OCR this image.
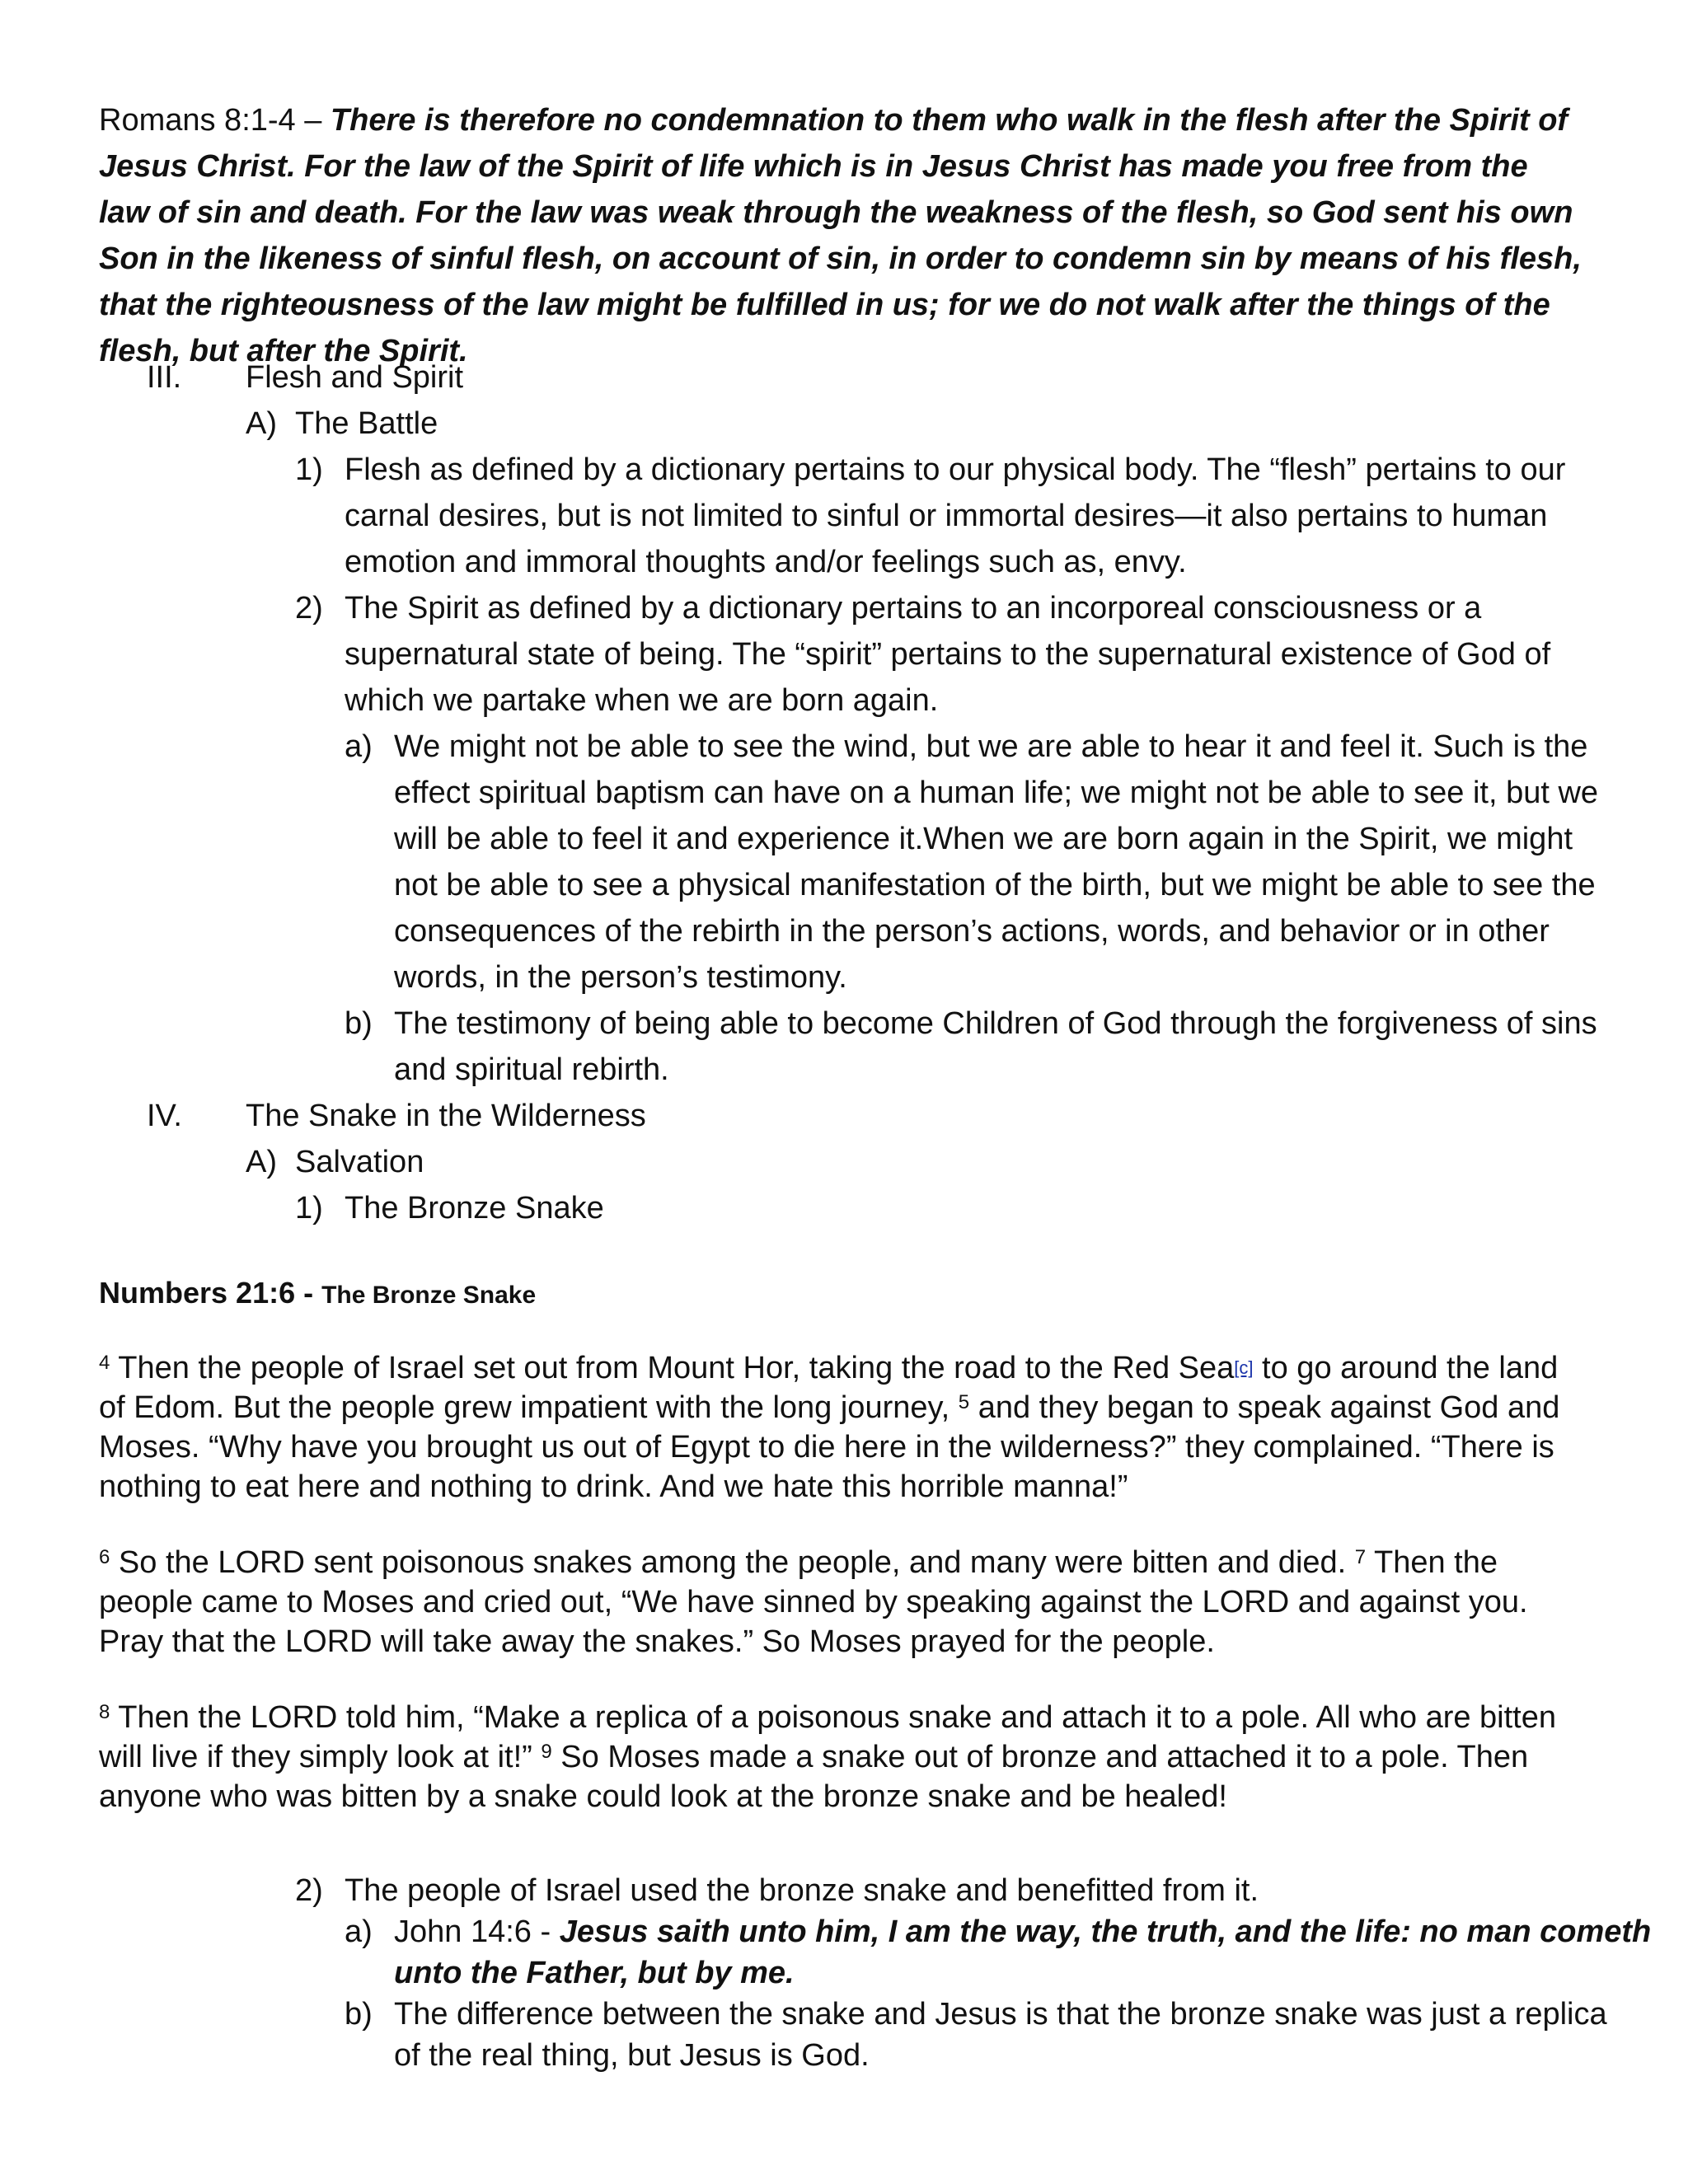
Romans 8:1-4 – There is therefore no condemnation to them who walk in the flesh after the Spirit of Jesus Christ. For the law of the Spirit of life which is in Jesus Christ has made you free from the law of sin and death. For the law was weak through the weakness of the flesh, so God sent his own Son in the likeness of sinful flesh, on account of sin, in order to condemn sin by means of his flesh, that the righteousness of the law might be fulfilled in us; for we do not walk after the things of the flesh, but after the Spirit.
III. Flesh and Spirit
A) The Battle
1) Flesh as defined by a dictionary pertains to our physical body. The “flesh” pertains to our
carnal desires, but is not limited to sinful or immortal desires—it also pertains to human
emotion and immoral thoughts and/or feelings such as, envy.
2) The Spirit as defined by a dictionary pertains to an incorporeal consciousness or a
supernatural state of being. The “spirit” pertains to the supernatural existence of God of
which we partake when we are born again.
a) We might not be able to see the wind, but we are able to hear it and feel it. Such is the
effect spiritual baptism can have on a human life; we might not be able to see it, but we
will be able to feel it and experience it.When we are born again in the Spirit, we might
not be able to see a physical manifestation of the birth, but we might be able to see the
consequences of the rebirth in the person’s actions, words, and behavior or in other
words, in the person’s testimony.
b) The testimony of being able to become Children of God through the forgiveness of sins
and spiritual rebirth.
IV. The Snake in the Wilderness
A) Salvation
1) The Bronze Snake
Numbers 21:6 - The Bronze Snake
$^4$ Then the people of Israel set out from Mount Hor, taking the road to the Red Sea[c] to go around the land of Edom. But the people grew impatient with the long journey, $^5$ and they began to speak against God and Moses. “Why have you brought us out of Egypt to die here in the wilderness?” they complained. “There is nothing to eat here and nothing to drink. And we hate this horrible manna!”
$^6$ So the LORD sent poisonous snakes among the people, and many were bitten and died. $^7$ Then the people came to Moses and cried out, “We have sinned by speaking against the LORD and against you. Pray that the LORD will take away the snakes.” So Moses prayed for the people.
$^8$ Then the LORD told him, “Make a replica of a poisonous snake and attach it to a pole. All who are bitten will live if they simply look at it!” $^9$ So Moses made a snake out of bronze and attached it to a pole. Then anyone who was bitten by a snake could look at the bronze snake and be healed!
2) The people of Israel used the bronze snake and benefitted from it.
a) John 14:6 - Jesus saith unto him, I am the way, the truth, and the life: no man cometh
unto the Father, but by me.
b) The difference between the snake and Jesus is that the bronze snake was just a replica
of the real thing, but Jesus is God.
